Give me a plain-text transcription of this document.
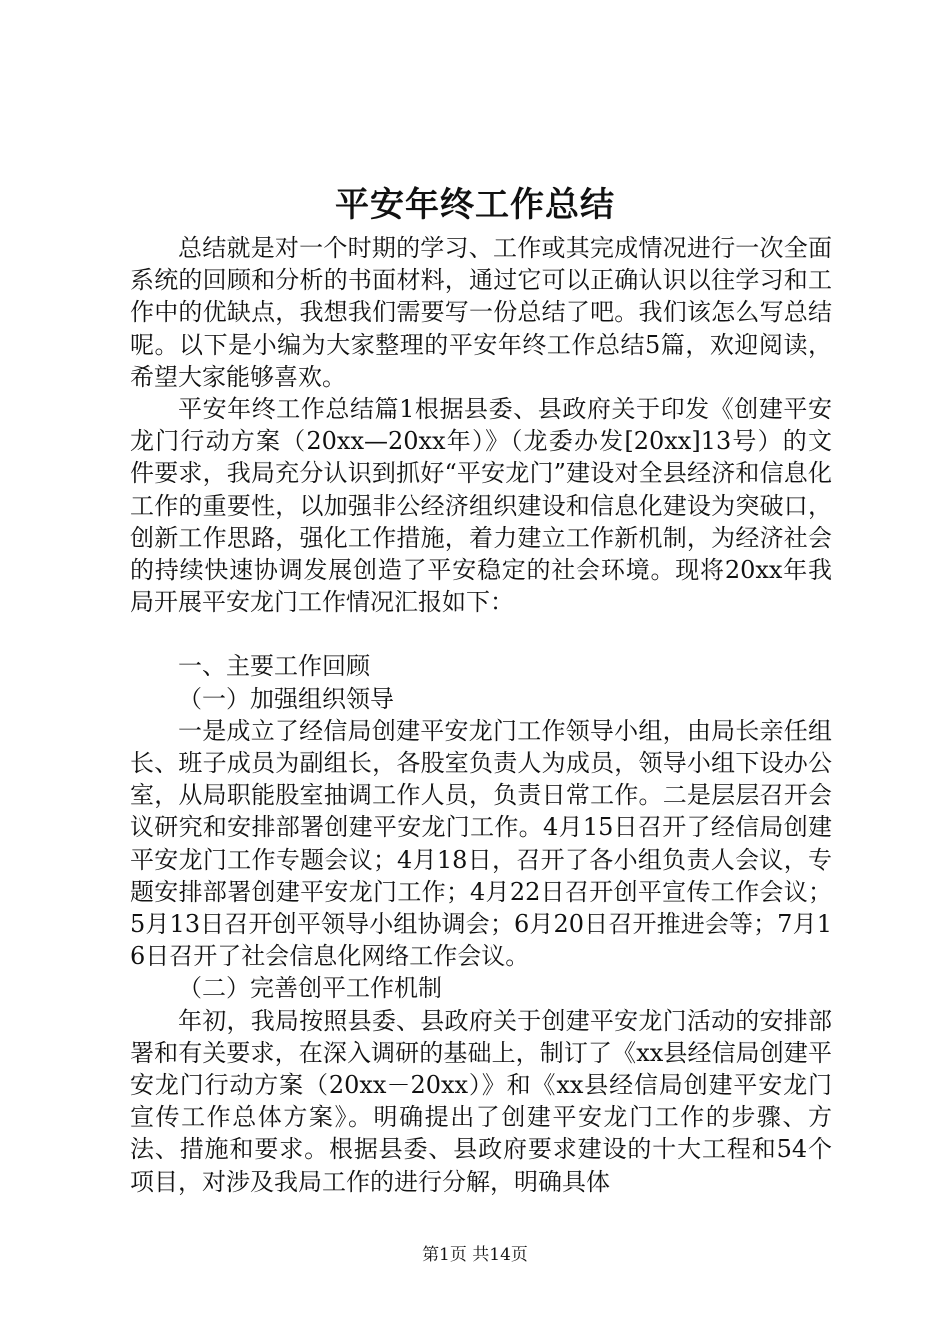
平安年终工作总结

总结就是对一个时期的学习、工作或其完成情况进行一次全面系统的回顾和分析的书面材料，通过它可以正确认识以往学习和工作中的优缺点，我想我们需要写一份总结了吧。我们该怎么写总结呢。以下是小编为大家整理的平安年终工作总结5篇，欢迎阅读，希望大家能够喜欢。

平安年终工作总结篇1根据县委、县政府关于印发《创建平安龙门行动方案（20xx—20xx年）》（龙委办发[20xx]13号）的文件要求，我局充分认识到抓好“平安龙门”建设对全县经济和信息化工作的重要性，以加强非公经济组织建设和信息化建设为突破口，创新工作思路，强化工作措施，着力建立工作新机制，为经济社会的持续快速协调发展创造了平安稳定的社会环境。现将20xx年我局开展平安龙门工作情况汇报如下：

一、主要工作回顾

（一）加强组织领导

一是成立了经信局创建平安龙门工作领导小组，由局长亲任组长、班子成员为副组长，各股室负责人为成员，领导小组下设办公室，从局职能股室抽调工作人员，负责日常工作。二是层层召开会议研究和安排部署创建平安龙门工作。4月15日召开了经信局创建平安龙门工作专题会议；4月18日，召开了各小组负责人会议，专题安排部署创建平安龙门工作；4月22日召开创平宣传工作会议；5月13日召开创平领导小组协调会；6月20日召开推进会等；7月16日召开了社会信息化网络工作会议。

（二）完善创平工作机制

年初，我局按照县委、县政府关于创建平安龙门活动的安排部署和有关要求，在深入调研的基础上，制订了《xx县经信局创建平安龙门行动方案（20xx－20xx）》和《xx县经信局创建平安龙门宣传工作总体方案》。明确提出了创建平安龙门工作的步骤、方法、措施和要求。根据县委、县政府要求建设的十大工程和54个项目，对涉及我局工作的进行分解，明确具体

第1页 共14页
